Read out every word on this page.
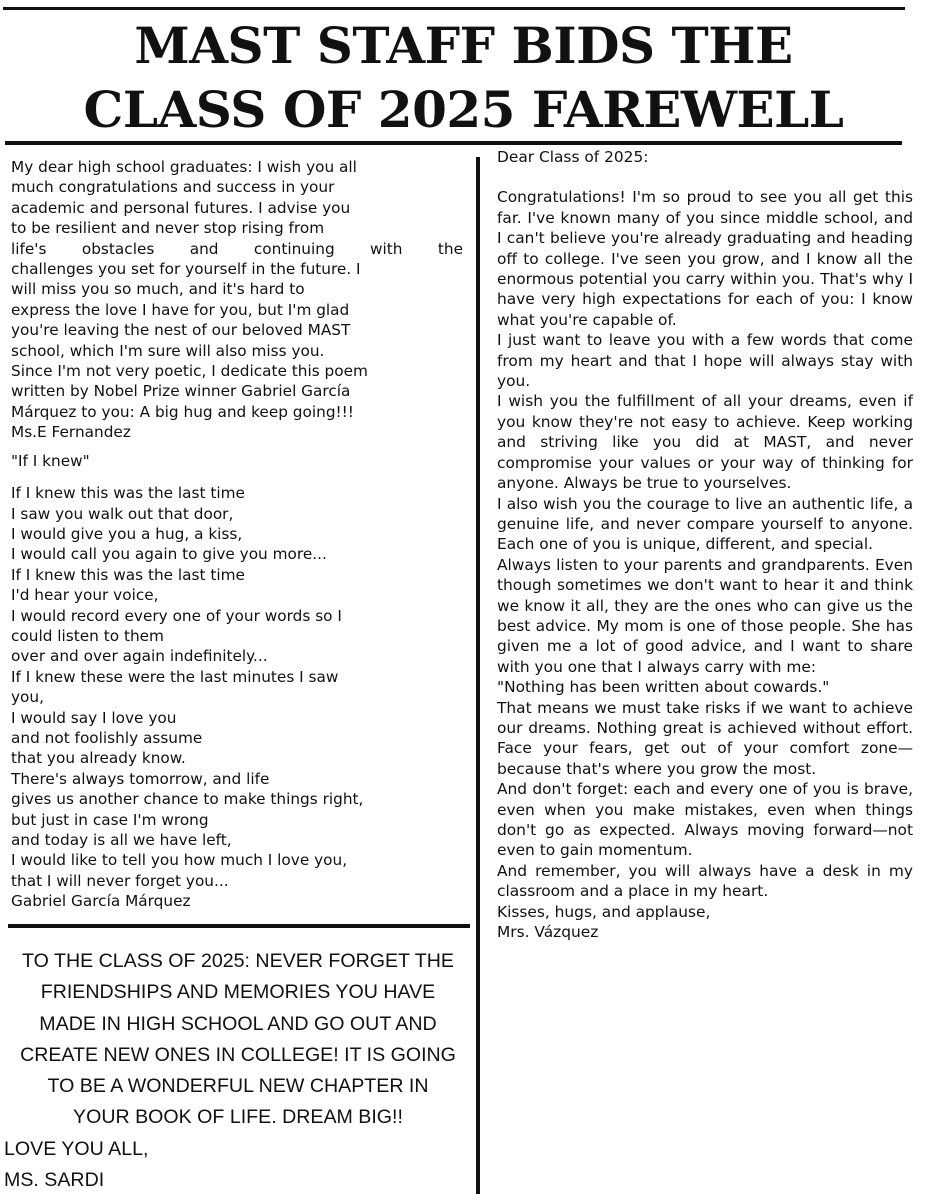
MAST STAFF BIDS THE
CLASS OF 2025 FAREWELL

My dear high school graduates: I wish you all
much congratulations and success in your
academic and personal futures. I advise you
to be resilient and never stop rising from
life's obstacles and continuing with the
challenges you set for yourself in the future. I
will miss you so much, and it's hard to
express the love I have for you, but I'm glad
you're leaving the nest of our beloved MAST
school, which I'm sure will also miss you.
Since I'm not very poetic, I dedicate this poem
written by Nobel Prize winner Gabriel García
Márquez to you: A big hug and keep going!!!

Ms.E Fernandez

"If I knew"

If I knew this was the last time
I saw you walk out that door,
I would give you a hug, a kiss,
I would call you again to give you more...
If I knew this was the last time
I'd hear your voice,
I would record every one of your words so I
could listen to them
over and over again indefinitely...
If I knew these were the last minutes I saw
you,
I would say I love you
and not foolishly assume
that you already know.
There's always tomorrow, and life
gives us another chance to make things right,
but just in case I'm wrong
and today is all we have left,
I would like to tell you how much I love you,
that I will never forget you...
Gabriel García Márquez

TO THE CLASS OF 2025: NEVER FORGET THE

FRIENDSHIPS AND MEMORIES YOU HAVE

MADE IN HIGH SCHOOL AND GO OUT AND

CREATE NEW ONES IN COLLEGE! IT IS GOING

TO BE A WONDERFUL NEW CHAPTER IN

YOUR BOOK OF LIFE. DREAM BIG!!

LOVE YOU ALL,

MS. SARDI

Dear Class of 2025:

Congratulations! I'm so proud to see you all get this far. I've known many of you since middle school, and I can't believe you're already graduating and heading off to college. I've seen you grow, and I know all the enormous potential you carry within you. That's why I have very high expectations for each of you: I know what you're capable of.

I just want to leave you with a few words that come from my heart and that I hope will always stay with you.

I wish you the fulfillment of all your dreams, even if you know they're not easy to achieve. Keep working and striving like you did at MAST, and never compromise your values or your way of thinking for anyone. Always be true to yourselves.

I also wish you the courage to live an authentic life, a genuine life, and never compare yourself to anyone. Each one of you is unique, different, and special.

Always listen to your parents and grandparents. Even though sometimes we don't want to hear it and think we know it all, they are the ones who can give us the best advice. My mom is one of those people. She has given me a lot of good advice, and I want to share with you one that I always carry with me:

"Nothing has been written about cowards."

That means we must take risks if we want to achieve our dreams. Nothing great is achieved without effort. Face your fears, get out of your comfort zone—because that's where you grow the most.

And don't forget: each and every one of you is brave, even when you make mistakes, even when things don't go as expected. Always moving forward—not even to gain momentum.

And remember, you will always have a desk in my classroom and a place in my heart.

Kisses, hugs, and applause,

Mrs. Vázquez
